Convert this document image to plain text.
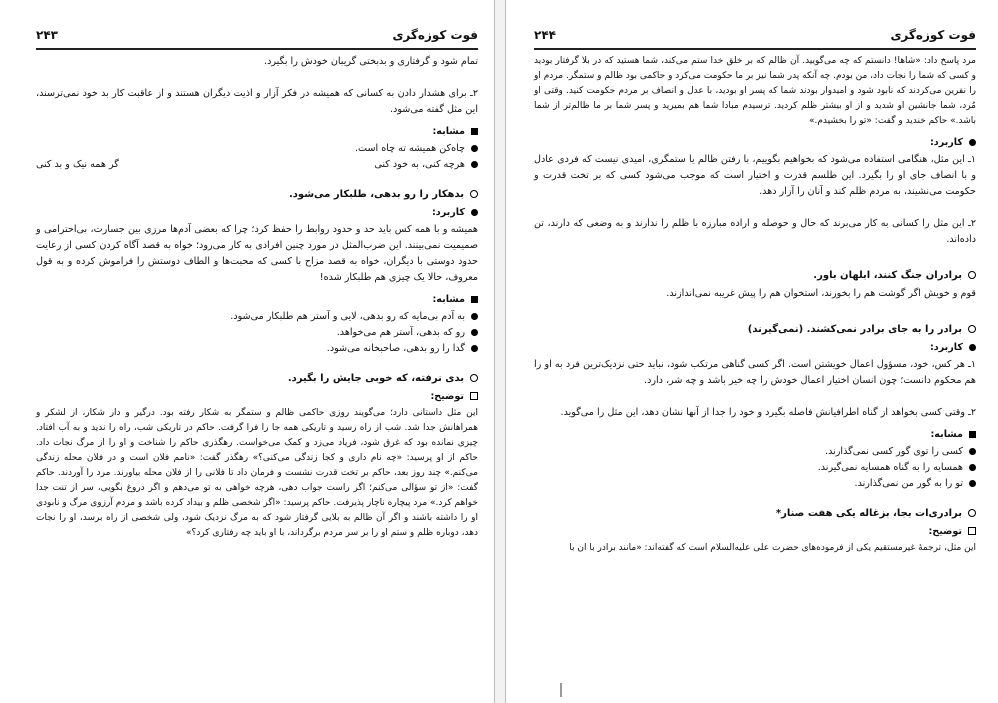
فوت کوزه‌گری
۲۴۳

تمام شود و گرفتاری و بدبختی گریبان خودش را بگیرد.

۲ـ برای هشدار دادن به کسانی که همیشه در فکر آزار و اذیت دیگران هستند و از عاقبت کار بد خود نمی‌ترسند، این مثل گفته می‌شود.

مشابه:
چاه‌کن همیشه ته چاه است.
هرچه کنی، به خود کنی
گر همه نیک و بد کنی
بدهکار را رو بدهی، طلبکار می‌شود.
کاربرد:

همیشه و با همه کس باید حد و حدود روابط را حفظ کرد؛ چرا که بعضی آدم‌ها مرزی بین جسارت، بی‌احترامی و صمیمیت نمی‌بینند. این ضرب‌المثل در مورد چنین افرادی به کار می‌رود؛ خواه به قصد آگاه کردن کسی از رعایت حدود دوستی با دیگران، خواه به قصد مزاح با کسی که محبت‌ها و الطاف دوستش را فراموش کرده و به قول معروف، حالا یک چیزی هم طلبکار شده!

مشابه:
به آدم بی‌مایه که رو بدهی، لایی و آستر هم طلبکار می‌شود.
رو که بدهی، آستر هم می‌خواهد.
گدا را رو بدهی، صاحبخانه می‌شود.
بدی نرفته، که خوبی جایش را بگیرد.
توضیح:

این مثل داستانی دارد؛ می‌گویند روزی حاکمی ظالم و ستمگر به شکار رفته بود. درگیر و دار شکار، از لشکر و همراهانش جدا شد. شب از راه رسید و تاریکی همه جا را فرا گرفت. حاکم در تاریکی شب، راه را ندید و به آب افتاد. چیزی نمانده بود که غرق شود، فریاد می‌زد و کمک می‌خواست. رهگذری حاکم را شناخت و او را از مرگ نجات داد. حاکم از او پرسید: «چه نام داری و کجا زندگی می‌کنی؟» رهگذر گفت: «نامم فلان است و در فلان محله زندگی می‌کنم.» چند روز بعد، حاکم بر تخت قدرت نشست و فرمان داد تا فلانی را از فلان محله بیاورند. مرد را آوردند. حاکم گفت: «از تو سؤالی می‌کنم؛ اگر راست جواب دهی، هرچه خواهی به تو می‌دهم و اگر دروغ بگویی، سر از تنت جدا خواهم کرد.» مرد پیچاره ناچار پذیرفت. حاکم پرسید: «اگر شخصی ظلم و بیداد کرده باشد و مردم آرزوی مرگ و نابودی او را داشته باشند و اگر آن ظالم به بلایی گرفتار شود که به مرگ نزدیک شود، ولی شخصی از راه برسد، او را نجات دهد، دوباره ظلم و ستم او را بر سر مردم برگرداند، با او باید چه رفتاری کرد؟»

فوت کوزه‌گری
۲۴۴

مرد پاسخ داد: «شاها! دانستم که چه می‌گویید. آن ظالم که بر خلق خدا ستم می‌کند، شما هستید که در بلا گرفتار بودید و کسی که شما را نجات داد، من بودم. چه آنکه پدر شما نیز بر ما حکومت می‌کرد و حاکمی بود ظالم و ستمگر. مردم او را نفرین می‌کردند که نابود شود و امیدوار بودند شما که پسر او بودید، با عدل و انصاف بر مردم حکومت کنید. وقتی او مُرد، شما جانشین او شدید و از او بیشتر ظلم کردید. ترسیدم مبادا شما هم بمیرید و پسر شما بر ما ظالم‌تر از شما باشد.» حاکم خندید و گفت: «تو را بخشیدم.»

کاربرد:

۱ـ این مثل، هنگامی استفاده می‌شود که بخواهیم بگوییم، با رفتن ظالم یا ستمگری، امیدی نیست که فردی عادل و با انصاف جای او را بگیرد. این طلسم قدرت و اختیار است که موجب می‌شود کسی که بر تخت قدرت و حکومت می‌نشیند، به مردم ظلم کند و آنان را آزار دهد.

۲ـ این مثل را کسانی به کار می‌برند که حال و حوصله و اراده مبارزه با ظلم را ندارند و به وضعی که دارند، تن داده‌اند.

برادران جنگ کنند، ابلهان باور.

قوم و خویش اگر گوشت هم را بخورند، استخوان هم را پیش غریبه نمی‌اندازند.

برادر را به جای برادر نمی‌کشند. (نمی‌گیرند)
کاربرد:

۱ـ هر کس، خود، مسؤول اعمال خویشتن است. اگر کسی گناهی مرتکب شود، نباید حتی نزدیک‌ترین فرد به او را هم محکوم دانست؛ چون انسان اختیار اعمال خودش را چه خیر باشد و چه شر، دارد.

۲ـ وقتی کسی بخواهد از گناه اطرافیانش فاصله بگیرد و خود را جدا از آنها نشان دهد، این مثل را می‌گوید.

مشابه:
کسی را توی گور کسی نمی‌گذارند.
همسایه را به گناه همسایه نمی‌گیرند.
تو را به گور من نمی‌گذارند.
برادری‌ات بجا، بزغاله یکی هفت صنار*
توضیح:

این مثل، ترجمهٔ غیرمستقیم یکی از فرموده‌های حضرت علی علیه‌السلام است که گفته‌اند: «مانند برادر با ان با
